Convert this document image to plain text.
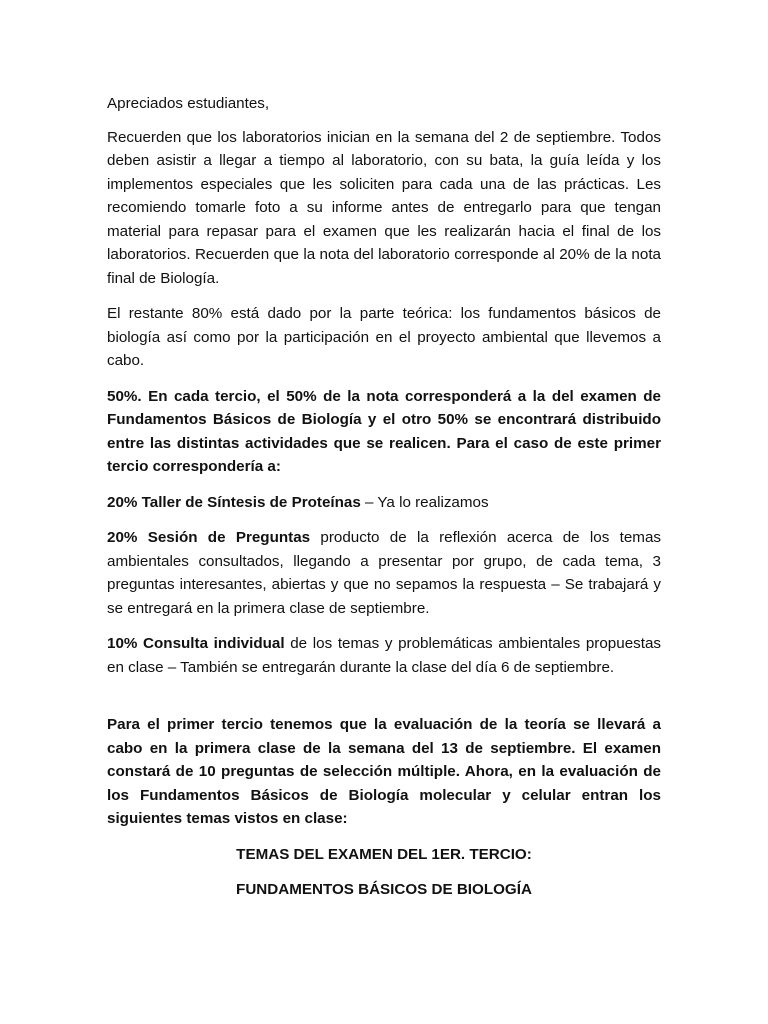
Apreciados estudiantes,

Recuerden que los laboratorios inician en la semana del 2 de septiembre. Todos deben asistir a llegar a tiempo al laboratorio, con su bata, la guía leída y los implementos especiales que les soliciten para cada una de las prácticas. Les recomiendo tomarle foto a su informe antes de entregarlo para que tengan material para repasar para el examen que les realizarán hacia el final de los laboratorios. Recuerden que la nota del laboratorio corresponde al 20% de la nota final de Biología.

El restante 80% está dado por la parte teórica: los fundamentos básicos de biología así como por la participación en el proyecto ambiental que llevemos a cabo.

50%. En cada tercio, el 50% de la nota corresponderá a la del examen de Fundamentos Básicos de Biología y el otro 50% se encontrará distribuido entre las distintas actividades que se realicen. Para el caso de este primer tercio correspondería a:

20% Taller de Síntesis de Proteínas – Ya lo realizamos

20% Sesión de Preguntas producto de la reflexión acerca de los temas ambientales consultados, llegando a presentar por grupo, de cada tema, 3 preguntas interesantes, abiertas y que no sepamos la respuesta – Se trabajará y se entregará en la primera clase de septiembre.

10% Consulta individual de los temas y problemáticas ambientales propuestas en clase – También se entregarán durante la clase del día 6 de septiembre.

Para el primer tercio tenemos que la evaluación de la teoría se llevará a cabo en la primera clase de la semana del 13 de septiembre. El examen constará de 10 preguntas de selección múltiple. Ahora, en la evaluación de los Fundamentos Básicos de Biología molecular y celular entran los siguientes temas vistos en clase:

TEMAS DEL EXAMEN DEL 1ER. TERCIO:
FUNDAMENTOS BÁSICOS DE BIOLOGÍA
